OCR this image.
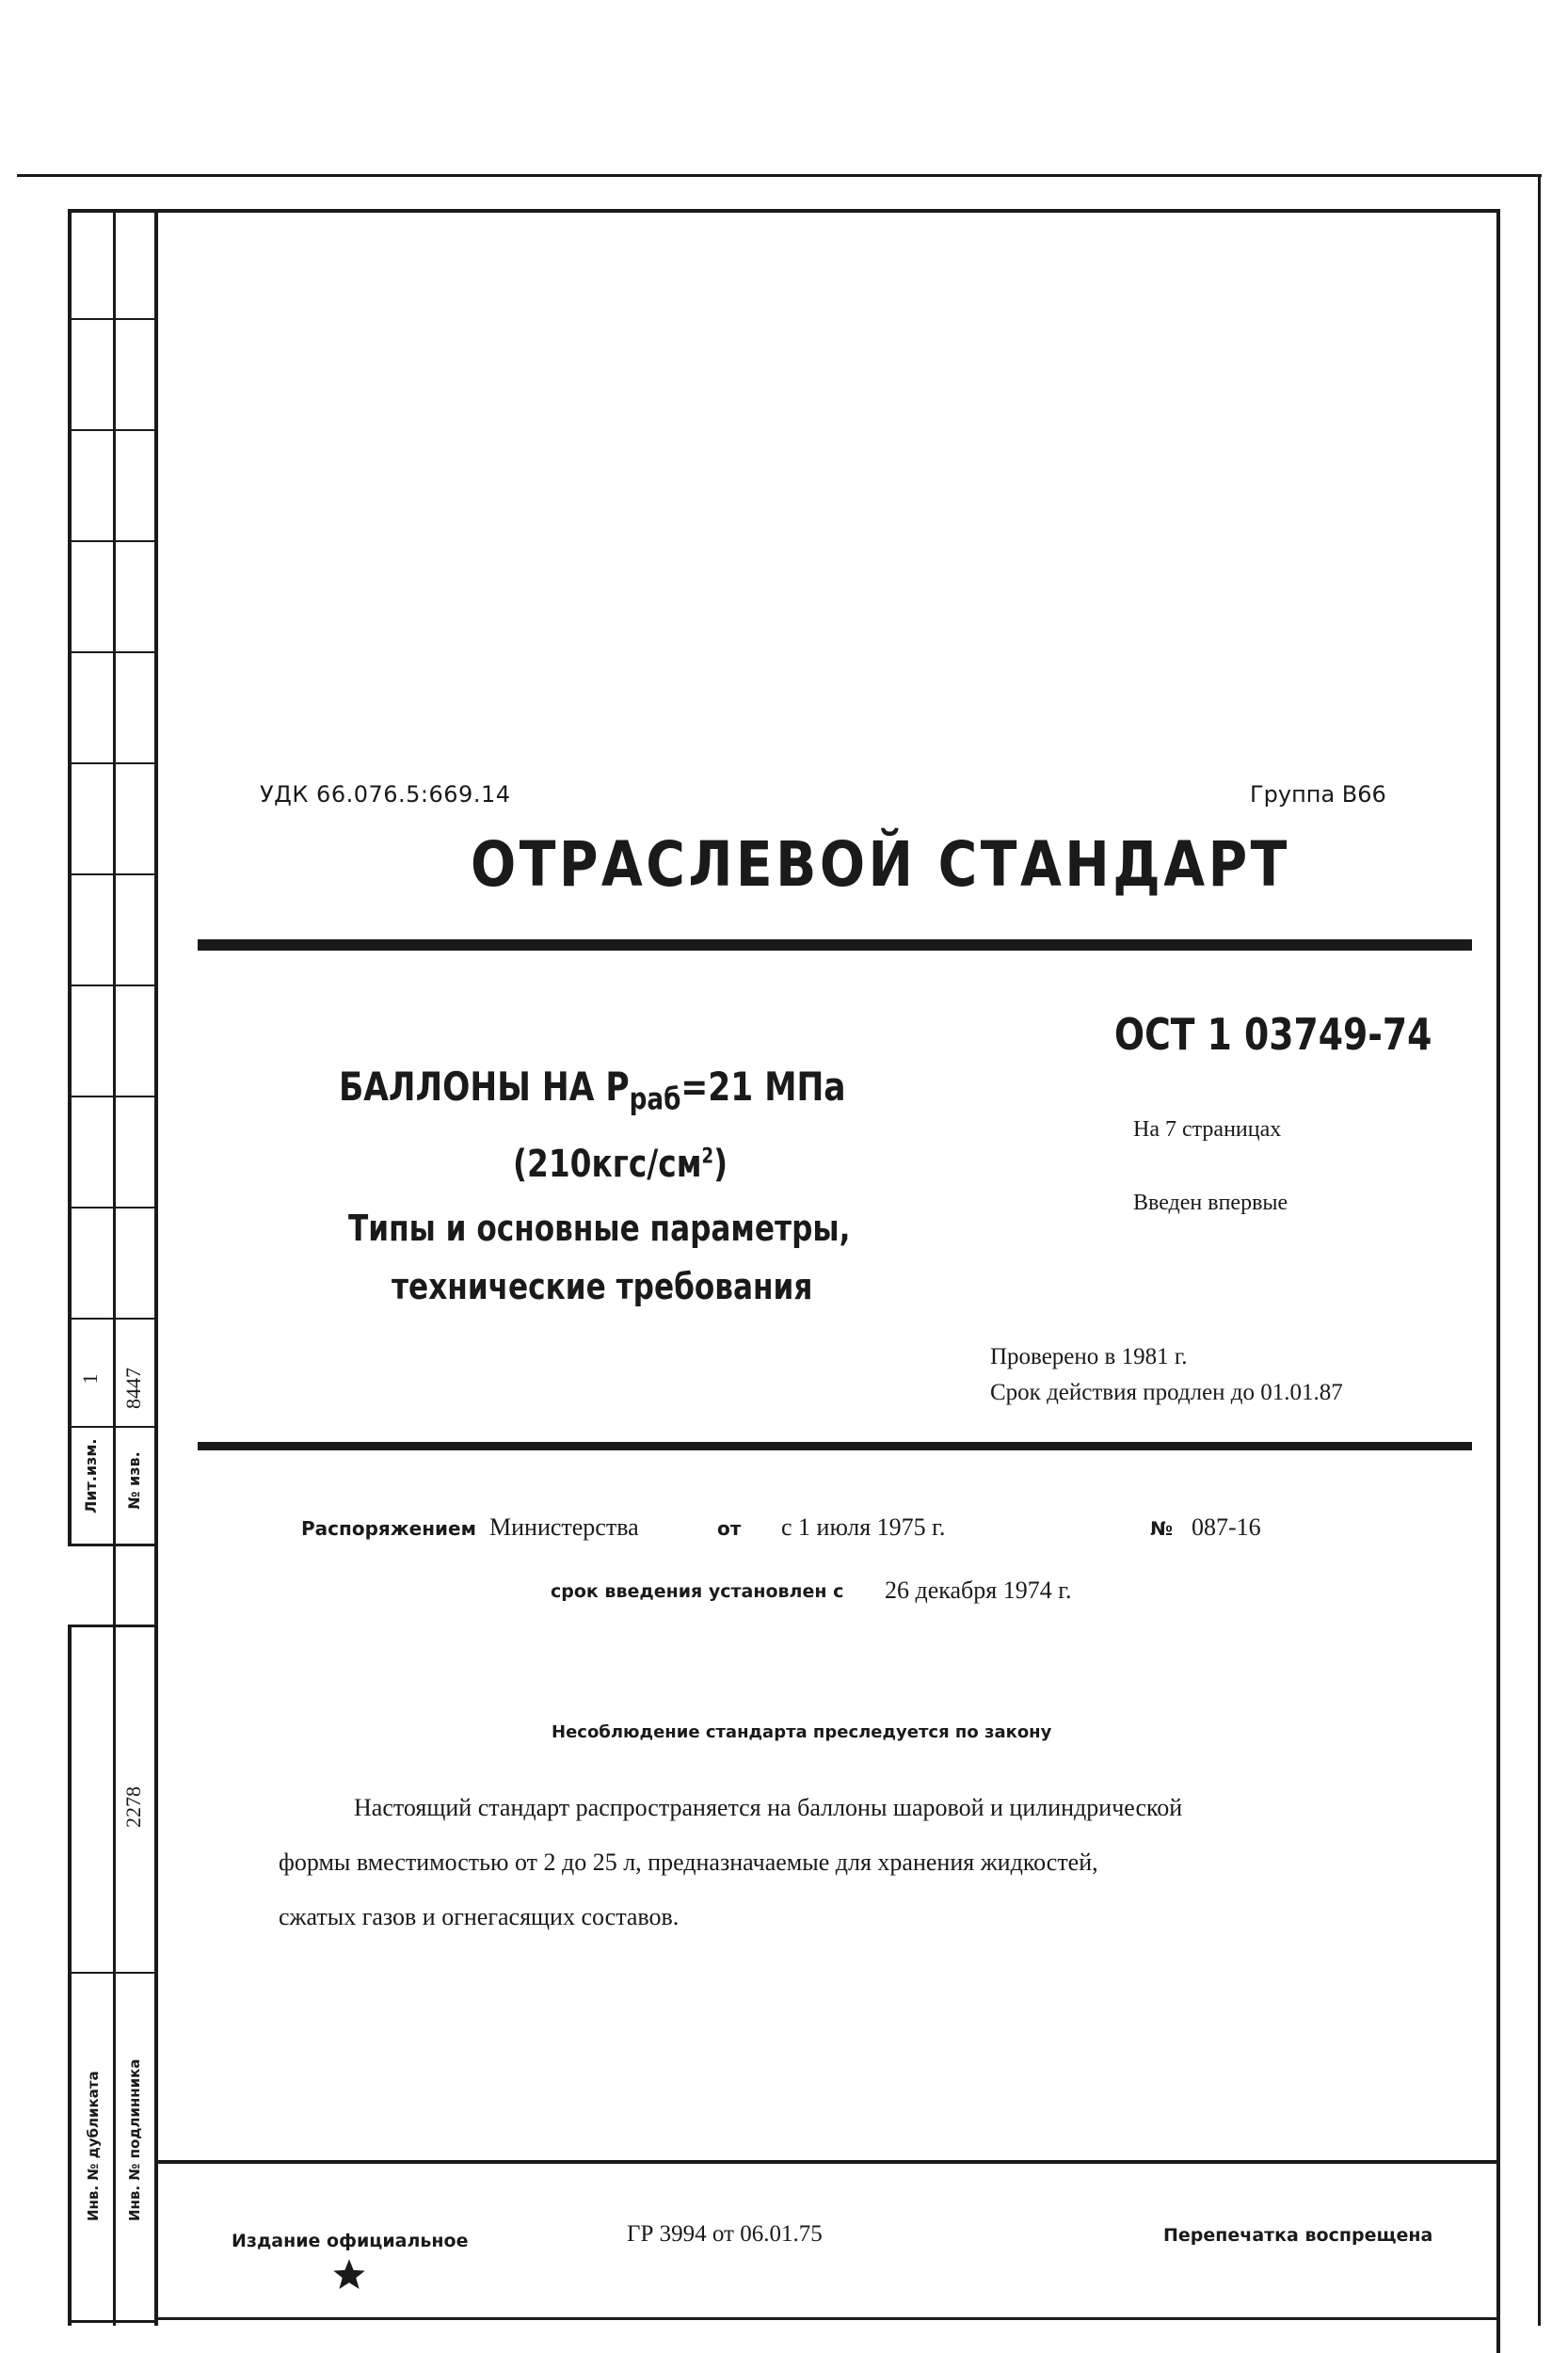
1 8447
Лит.изм.	№ изв.
2278
Инв. № дубликата	Инв. № подлинника
УДК 66.076.5:669.14	Группа В66
ОТРАСЛЕВОЙ СТАНДАРТ
ОСТ 1 03749-74
На 7 страницах
Введен впервые
БАЛЛОНЫ НА $Р_{раб}=21$ МПа
$(210кгс/см^2)$
Типы и основные параметры,
технические требования
Проверено в 1981 г.
Срок действия продлен до 01.01.87
Распоряжением Министерства	от с 1 июля 1975 г.	№ 087-16
срок введения установлен с 26 декабря 1974 г.
Несоблюдение стандарта преследуется по закону
Настоящий стандарт распространяется на баллоны шаровой и цилиндрической
формы вместимостью от 2 до 25 л, предназначаемые для хранения жидкостей,
сжатых газов и огнегасящих составов.
Издание официальное	ГР 3994 от 06.01.75	Перепечатка воспрещена
